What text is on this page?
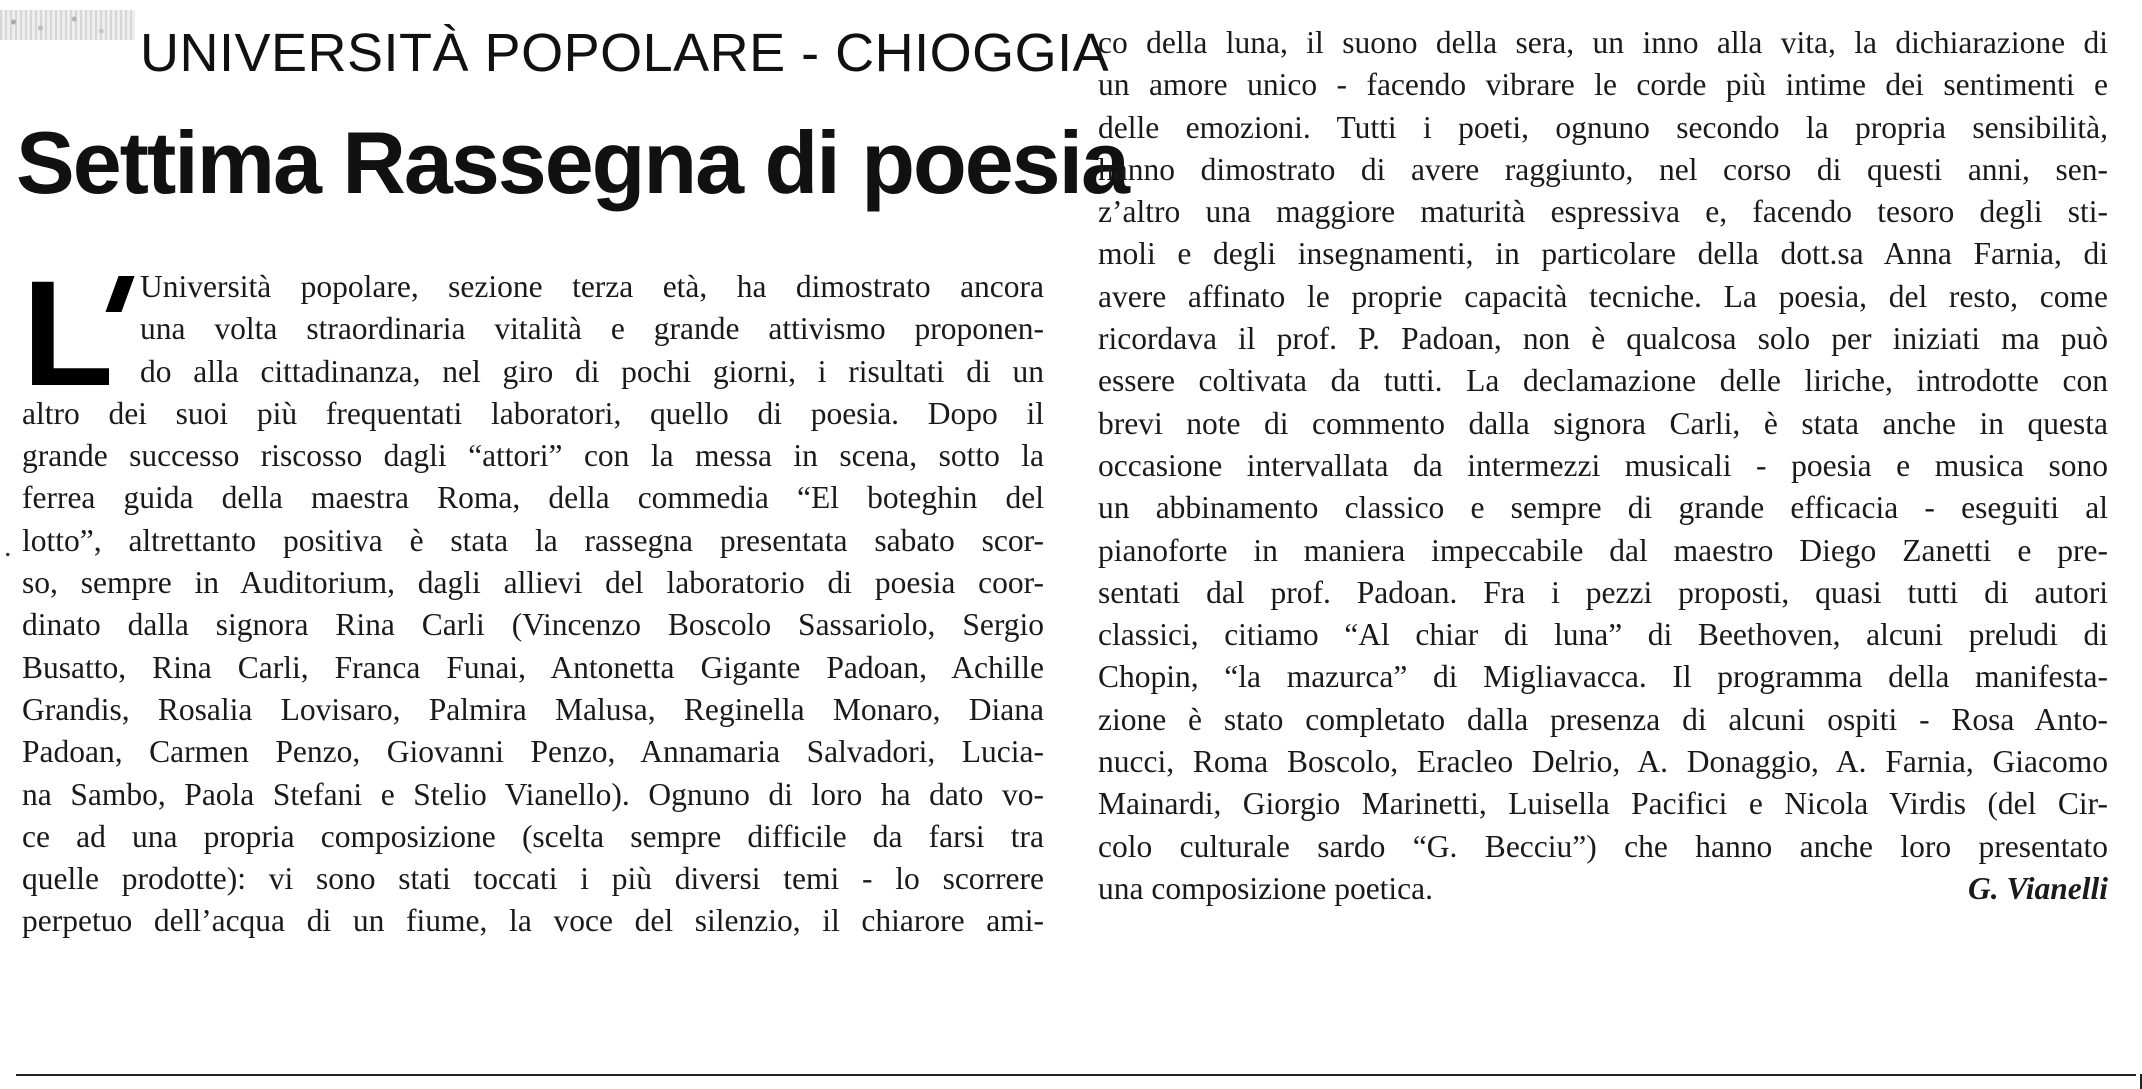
UNIVERSITÀ POPOLARE - CHIOGGIA
Settima Rassegna di poesia
L
.
Università popolare, sezione terza età, ha dimostrato ancora
una volta straordinaria vitalità e grande attivismo proponen-
do alla cittadinanza, nel giro di pochi giorni, i risultati di un
altro dei suoi più frequentati laboratori, quello di poesia. Dopo il
grande successo riscosso dagli “attori” con la messa in scena, sotto la
ferrea guida della maestra Roma, della commedia “El boteghin del
lotto”, altrettanto positiva è stata la rassegna presentata sabato scor-
so, sempre in Auditorium, dagli allievi del laboratorio di poesia coor-
dinato dalla signora Rina Carli (Vincenzo Boscolo Sassariolo, Sergio
Busatto, Rina Carli, Franca Funai, Antonetta Gigante Padoan, Achille
Grandis, Rosalia Lovisaro, Palmira Malusa, Reginella Monaro, Diana
Padoan, Carmen Penzo, Giovanni Penzo, Annamaria Salvadori, Lucia-
na Sambo, Paola Stefani e Stelio Vianello). Ognuno di loro ha dato vo-
ce ad una propria composizione (scelta sempre difficile da farsi tra
quelle prodotte): vi sono stati toccati i più diversi temi - lo scorrere
perpetuo dell’acqua di un fiume, la voce del silenzio, il chiarore ami-
co della luna, il suono della sera, un inno alla vita, la dichiarazione di
un amore unico - facendo vibrare le corde più intime dei sentimenti e
delle emozioni. Tutti i poeti, ognuno secondo la propria sensibilità,
hanno dimostrato di avere raggiunto, nel corso di questi anni, sen-
z’altro una maggiore maturità espressiva e, facendo tesoro degli sti-
moli e degli insegnamenti, in particolare della dott.sa Anna Farnia, di
avere affinato le proprie capacità tecniche. La poesia, del resto, come
ricordava il prof. P. Padoan, non è qualcosa solo per iniziati ma può
essere coltivata da tutti. La declamazione delle liriche, introdotte con
brevi note di commento dalla signora Carli, è stata anche in questa
occasione intervallata da intermezzi musicali - poesia e musica sono
un abbinamento classico e sempre di grande efficacia - eseguiti al
pianoforte in maniera impeccabile dal maestro Diego Zanetti e pre-
sentati dal prof. Padoan. Fra i pezzi proposti, quasi tutti di autori
classici, citiamo “Al chiar di luna” di Beethoven, alcuni preludi di
Chopin, “la mazurca” di Migliavacca. Il programma della manifesta-
zione è stato completato dalla presenza di alcuni ospiti - Rosa Anto-
nucci, Roma Boscolo, Eracleo Delrio, A. Donaggio, A. Farnia, Giacomo
Mainardi, Giorgio Marinetti, Luisella Pacifici e Nicola Virdis (del Cir-
colo culturale sardo “G. Becciu”) che hanno anche loro presentato
una composizione poetica.	G. Vianelli
